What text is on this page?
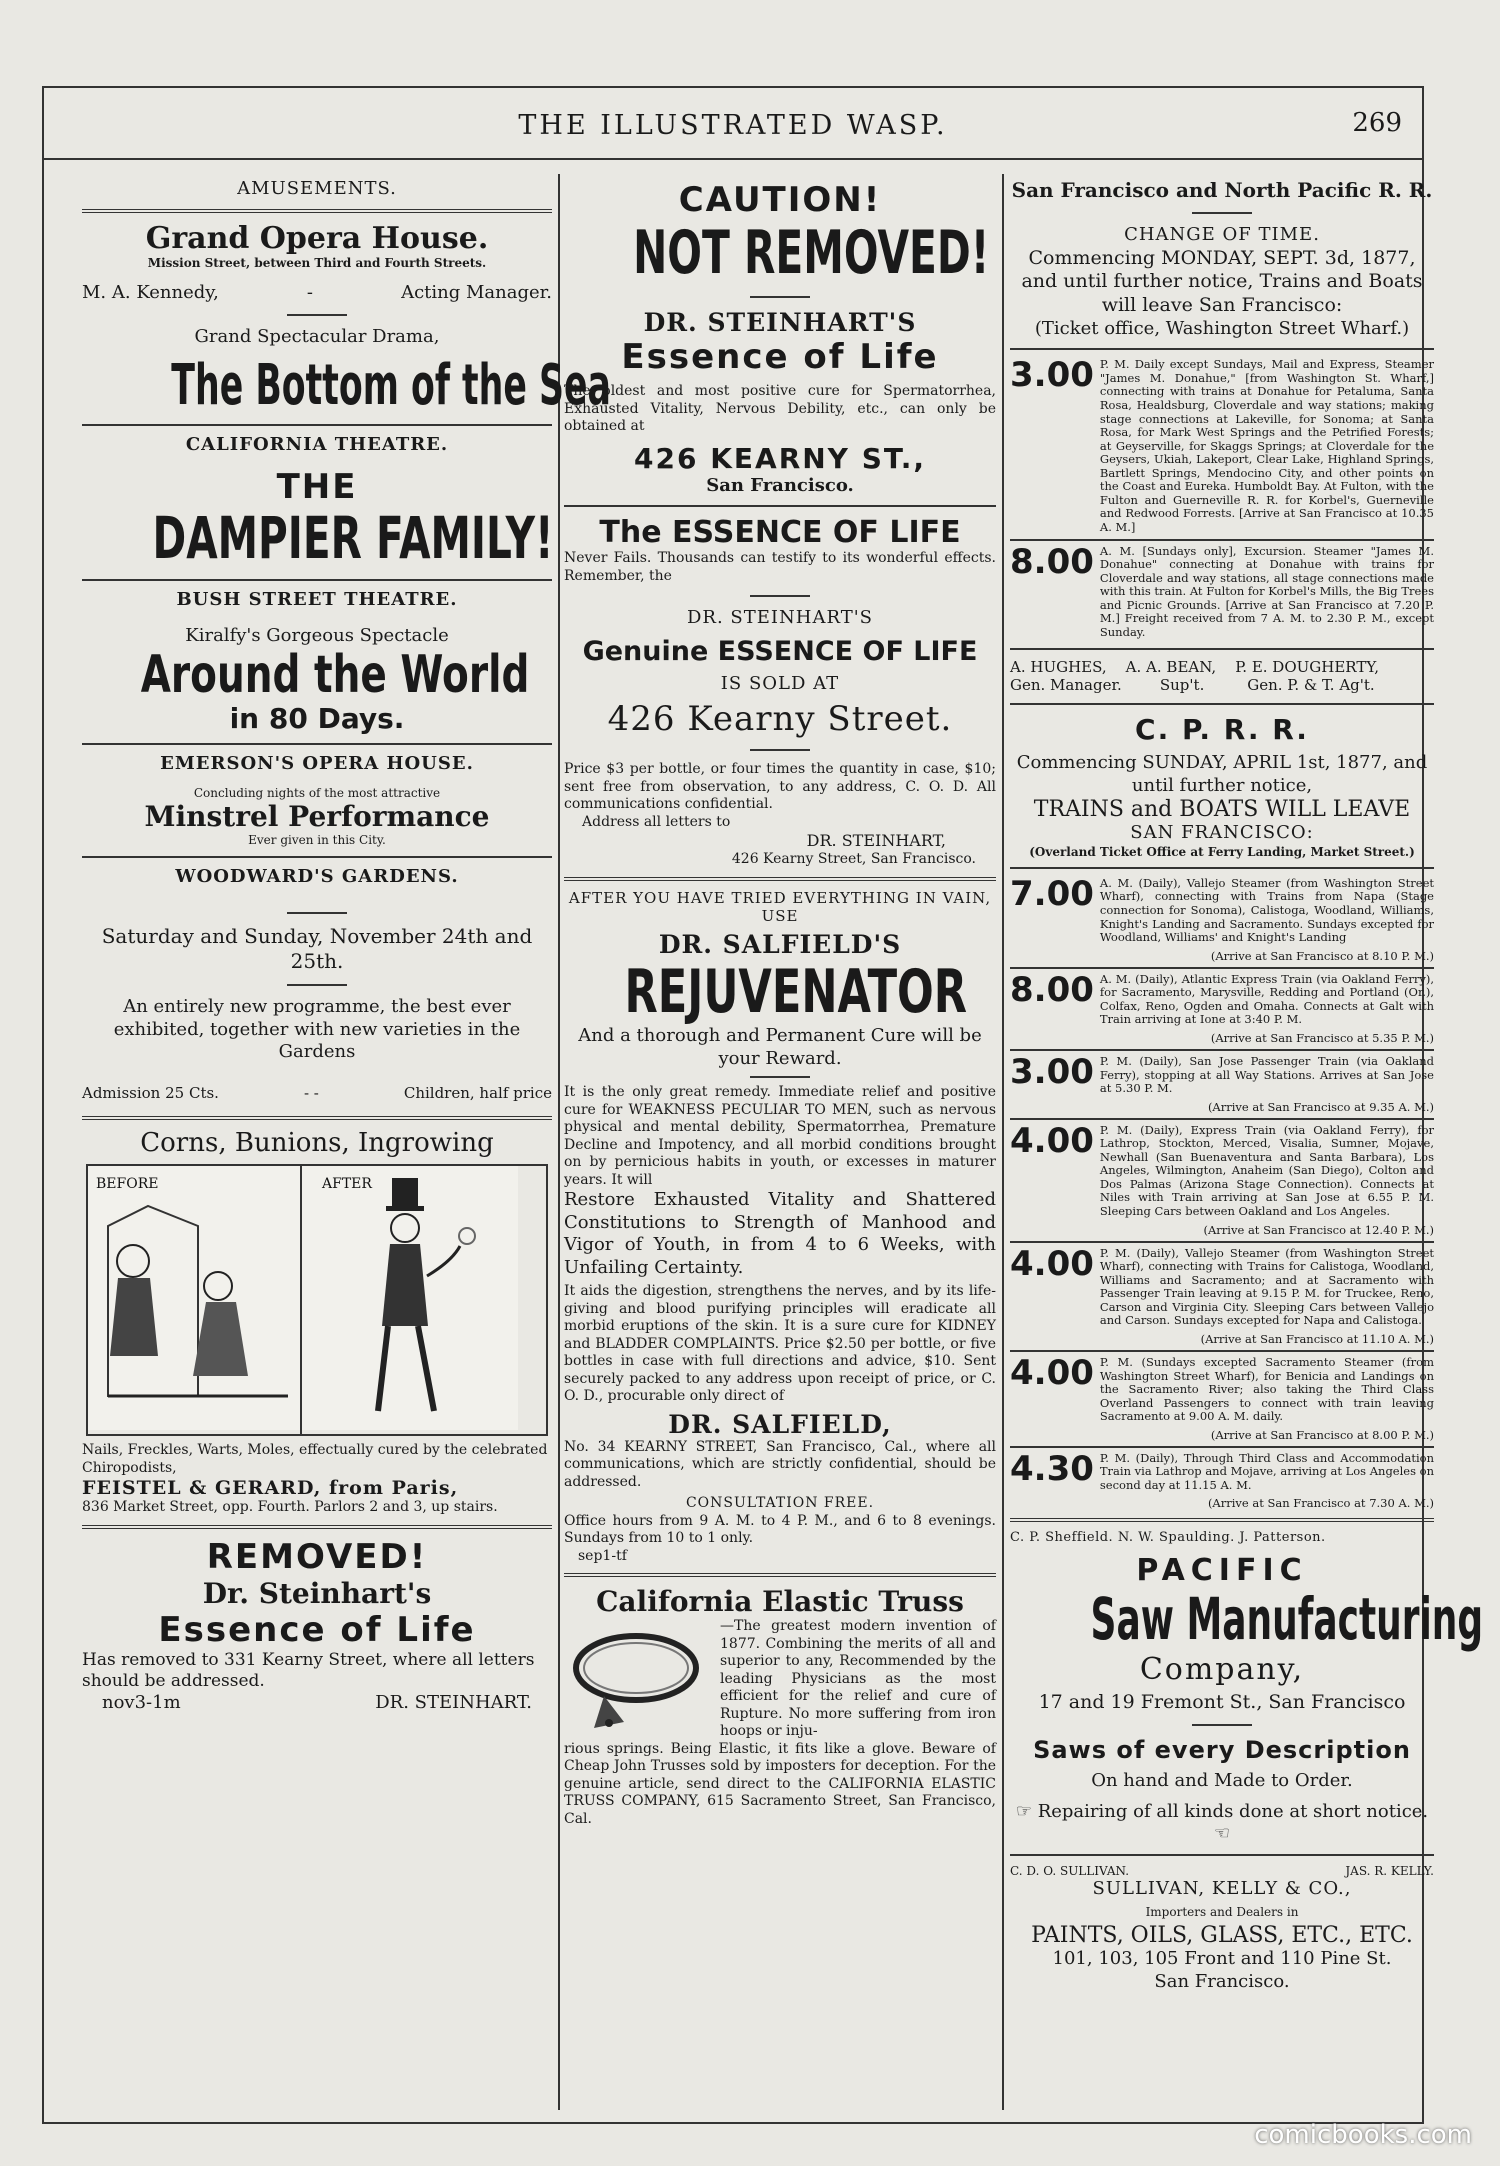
THE ILLUSTRATED WASP.	269
AMUSEMENTS.
Grand Opera House.
Mission Street, between Third and Fourth Streets.
M. A. Kennedy,	-	Acting Manager.
Grand Spectacular Drama,
The Bottom of the Sea
CALIFORNIA THEATRE.
THE
DAMPIER FAMILY!
BUSH STREET THEATRE.
Kiralfy's Gorgeous Spectacle
Around the World
in 80 Days.
EMERSON'S OPERA HOUSE.
Concluding nights of the most attractive
Minstrel Performance
Ever given in this City.
WOODWARD'S GARDENS.
Saturday and Sunday, November 24th and 25th.
An entirely new programme, the best ever exhibited, together with new varieties in the Gardens
Admission 25 Cts.	- -	Children, half price
Corns, Bunions, Ingrowing
BEFORE	AFTER
Nails, Freckles, Warts, Moles, effectually cured by the celebrated Chiropodists,
FEISTEL & GERARD, from Paris,
836 Market Street, opp. Fourth. Parlors 2 and 3, up stairs.
REMOVED!
Dr. Steinhart's
Essence of Life
Has removed to 331 Kearny Street, where all letters should be addressed.
nov3-1m	DR. STEINHART.
CAUTION!
NOT REMOVED!
DR. STEINHART'S
Essence of Life
The oldest and most positive cure for Spermatorrhea, Exhausted Vitality, Nervous Debility, etc., can only be obtained at
426 KEARNY ST.,
San Francisco.
The ESSENCE OF LIFE
Never Fails. Thousands can testify to its wonderful effects. Remember, the
DR. STEINHART'S
Genuine ESSENCE OF LIFE
IS SOLD AT
426 Kearny Street.
Price $3 per bottle, or four times the quantity in case, $10; sent free from observation, to any address, C. O. D. All communications confidential.
Address all letters to
DR. STEINHART,
426 Kearny Street, San Francisco.
AFTER YOU HAVE TRIED EVERYTHING IN VAIN, USE
DR. SALFIELD'S
REJUVENATOR
And a thorough and Permanent Cure will be your Reward.
It is the only great remedy. Immediate relief and positive cure for WEAKNESS PECULIAR TO MEN, such as nervous physical and mental debility, Spermatorrhea, Premature Decline and Impotency, and all morbid conditions brought on by pernicious habits in youth, or excesses in maturer years. It will
Restore Exhausted Vitality and Shattered Constitutions to Strength of Manhood and Vigor of Youth, in from 4 to 6 Weeks, with Unfailing Certainty.
It aids the digestion, strengthens the nerves, and by its life-giving and blood purifying principles will eradicate all morbid eruptions of the skin. It is a sure cure for KIDNEY and BLADDER COMPLAINTS. Price $2.50 per bottle, or five bottles in case with full directions and advice, $10. Sent securely packed to any address upon receipt of price, or C. O. D., procurable only direct of
DR. SALFIELD,
No. 34 KEARNY STREET, San Francisco, Cal., where all communications, which are strictly confidential, should be addressed.
CONSULTATION FREE.
Office hours from 9 A. M. to 4 P. M., and 6 to 8 evenings. Sundays from 10 to 1 only.
sep1-tf
California Elastic Truss
—The greatest modern invention of 1877. Combining the merits of all and superior to any, Recommended by the leading Physicians as the most efficient for the relief and cure of Rupture. No more suffering from iron hoops or inju-
rious springs. Being Elastic, it fits like a glove. Beware of Cheap John Trusses sold by imposters for deception. For the genuine article, send direct to the CALIFORNIA ELASTIC TRUSS COMPANY, 615 Sacramento Street, San Francisco, Cal.
San Francisco and North Pacific R. R.
CHANGE OF TIME.
Commencing MONDAY, SEPT. 3d, 1877, and until further notice, Trains and Boats will leave San Francisco:
(Ticket office, Washington Street Wharf.)
3.00 P. M. Daily except Sundays, Mail and Express, Steamer "James M. Donahue," [from Washington St. Wharf,] connecting with trains at Donahue for Petaluma, Santa Rosa, Healdsburg, Cloverdale and way stations; making stage connections at Lakeville, for Sonoma; at Santa Rosa, for Mark West Springs and the Petrified Forests; at Geyserville, for Skaggs Springs; at Cloverdale for the Geysers, Ukiah, Lakeport, Clear Lake, Highland Springs, Bartlett Springs, Mendocino City, and other points on the Coast and Eureka. Humboldt Bay. At Fulton, with the Fulton and Guerneville R. R. for Korbel's, Guerneville and Redwood Forrests. [Arrive at San Francisco at 10.35 A. M.]
8.00 A. M. [Sundays only], Excursion. Steamer "James M. Donahue" connecting at Donahue with trains for Cloverdale and way stations, all stage connections made with this train. At Fulton for Korbel's Mills, the Big Trees and Picnic Grounds. [Arrive at San Francisco at 7.20 P. M.] Freight received from 7 A. M. to 2.30 P. M., except Sunday.
A. HUGHES,    A. A. BEAN,    P. E. DOUGHERTY,
Gen. Manager.        Sup't.         Gen. P. & T. Ag't.
C. P. R. R.
Commencing SUNDAY, APRIL 1st, 1877, and until further notice,
TRAINS and BOATS WILL LEAVE
SAN FRANCISCO:
(Overland Ticket Office at Ferry Landing, Market Street.)
7.00 A. M. (Daily), Vallejo Steamer (from Washington Street Wharf), connecting with Trains from Napa (Stage connection for Sonoma), Calistoga, Woodland, Williams, Knight's Landing and Sacramento. Sundays excepted for Woodland, Williams' and Knight's Landing
(Arrive at San Francisco at 8.10 P. M.)
8.00 A. M. (Daily), Atlantic Express Train (via Oakland Ferry), for Sacramento, Marysville, Redding and Portland (Or.), Colfax, Reno, Ogden and Omaha. Connects at Galt with Train arriving at Ione at 3:40 P. M.
(Arrive at San Francisco at 5.35 P. M.)
3.00 P. M. (Daily), San Jose Passenger Train (via Oakland Ferry), stopping at all Way Stations. Arrives at San Jose at 5.30 P. M.
(Arrive at San Francisco at 9.35 A. M.)
4.00 P. M. (Daily), Express Train (via Oakland Ferry), for Lathrop, Stockton, Merced, Visalia, Sumner, Mojave, Newhall (San Buenaventura and Santa Barbara), Los Angeles, Wilmington, Anaheim (San Diego), Colton and Dos Palmas (Arizona Stage Connection). Connects at Niles with Train arriving at San Jose at 6.55 P. M. Sleeping Cars between Oakland and Los Angeles.
(Arrive at San Francisco at 12.40 P. M.)
4.00 P. M. (Daily), Vallejo Steamer (from Washington Street Wharf), connecting with Trains for Calistoga, Woodland, Williams and Sacramento; and at Sacramento with Passenger Train leaving at 9.15 P. M. for Truckee, Reno, Carson and Virginia City. Sleeping Cars between Vallejo and Carson. Sundays excepted for Napa and Calistoga.
(Arrive at San Francisco at 11.10 A. M.)
4.00 P. M. (Sundays excepted Sacramento Steamer (from Washington Street Wharf), for Benicia and Landings on the Sacramento River; also taking the Third Class Overland Passengers to connect with train leaving Sacramento at 9.00 A. M. daily.
(Arrive at San Francisco at 8.00 P. M.)
4.30 P. M. (Daily), Through Third Class and Accommodation Train via Lathrop and Mojave, arriving at Los Angeles on second day at 11.15 A. M.
(Arrive at San Francisco at 7.30 A. M.)
C. P. Sheffield. N. W. Spaulding. J. Patterson.
PACIFIC
Saw Manufacturing
Company,
17 and 19 Fremont St., San Francisco
Saws of every Description
On hand and Made to Order.
☞ Repairing of all kinds done at short notice. ☜
C. D. O. SULLIVAN.	JAS. R. KELLY.
SULLIVAN, KELLY & CO.,
Importers and Dealers in
PAINTS, OILS, GLASS, ETC., ETC.
101, 103, 105 Front and 110 Pine St.
San Francisco.
comicbooks.com
